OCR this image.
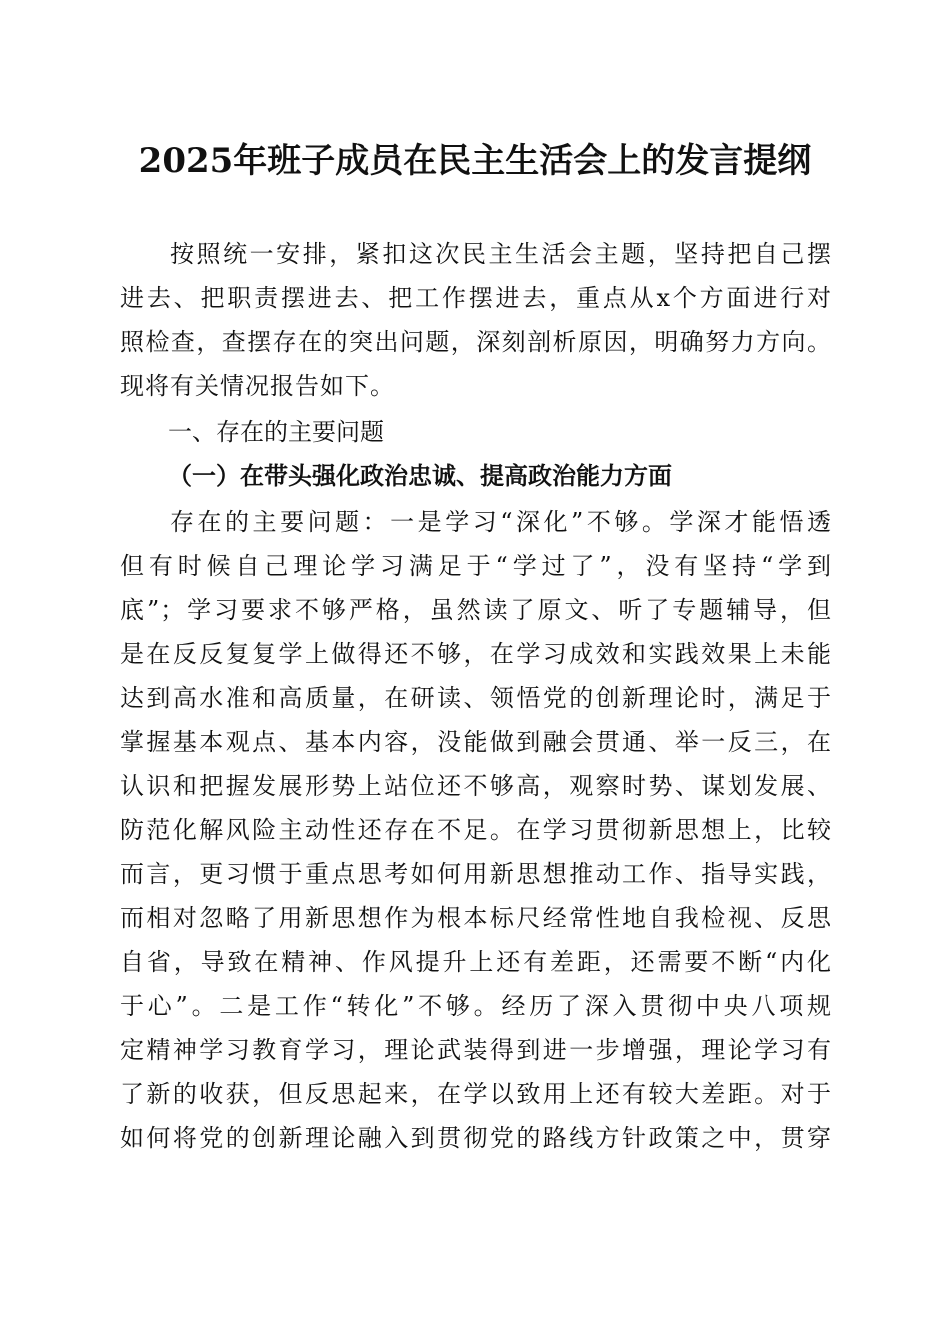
2025年班子成员在民主生活会上的发言提纲
按照统一安排，紧扣这次民主生活会主题，坚持把自己摆
进去、把职责摆进去、把工作摆进去，重点从x个方面进行对
照检查，查摆存在的突出问题，深刻剖析原因，明确努力方向。
现将有关情况报告如下。
一、存在的主要问题
（一）在带头强化政治忠诚、提高政治能力方面
存在的主要问题：一是学习“深化”不够。学深才能悟透
但有时候自己理论学习满足于“学过了”，没有坚持“学到
底”；学习要求不够严格，虽然读了原文、听了专题辅导，但
是在反反复复学上做得还不够，在学习成效和实践效果上未能
达到高水准和高质量，在研读、领悟党的创新理论时，满足于
掌握基本观点、基本内容，没能做到融会贯通、举一反三，在
认识和把握发展形势上站位还不够高，观察时势、谋划发展、
防范化解风险主动性还存在不足。在学习贯彻新思想上，比较
而言，更习惯于重点思考如何用新思想推动工作、指导实践，
而相对忽略了用新思想作为根本标尺经常性地自我检视、反思
自省，导致在精神、作风提升上还有差距，还需要不断“内化
于心”。二是工作“转化”不够。经历了深入贯彻中央八项规
定精神学习教育学习，理论武装得到进一步增强，理论学习有
了新的收获，但反思起来，在学以致用上还有较大差距。对于
如何将党的创新理论融入到贯彻党的路线方针政策之中，贯穿
